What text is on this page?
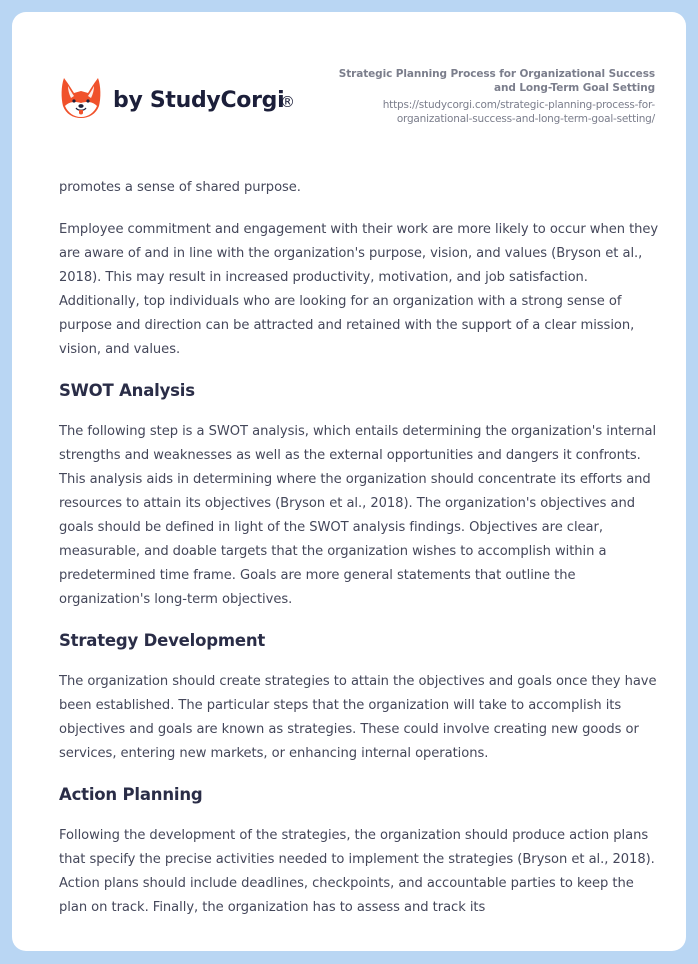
by StudyCorgi
®
Strategic Planning Process for Organizational Success
and Long-Term Goal Setting
https://studycorgi.com/strategic-planning-process-for-
organizational-success-and-long-term-goal-setting/

promotes a sense of shared purpose.

Employee commitment and engagement with their work are more likely to occur when they are aware of and in line with the organization's purpose, vision, and values (Bryson et al., 2018). This may result in increased productivity, motivation, and job satisfaction. Additionally, top individuals who are looking for an organization with a strong sense of purpose and direction can be attracted and retained with the support of a clear mission, vision, and values.

SWOT Analysis

The following step is a SWOT analysis, which entails determining the organization's internal strengths and weaknesses as well as the external opportunities and dangers it confronts. This analysis aids in determining where the organization should concentrate its efforts and resources to attain its objectives (Bryson et al., 2018). The organization's objectives and goals should be defined in light of the SWOT analysis findings. Objectives are clear, measurable, and doable targets that the organization wishes to accomplish within a predetermined time frame. Goals are more general statements that outline the organization's long-term objectives.

Strategy Development

The organization should create strategies to attain the objectives and goals once they have been established. The particular steps that the organization will take to accomplish its objectives and goals are known as strategies. These could involve creating new goods or services, entering new markets, or enhancing internal operations.

Action Planning

Following the development of the strategies, the organization should produce action plans that specify the precise activities needed to implement the strategies (Bryson et al., 2018). Action plans should include deadlines, checkpoints, and accountable parties to keep the plan on track. Finally, the organization has to assess and track its
